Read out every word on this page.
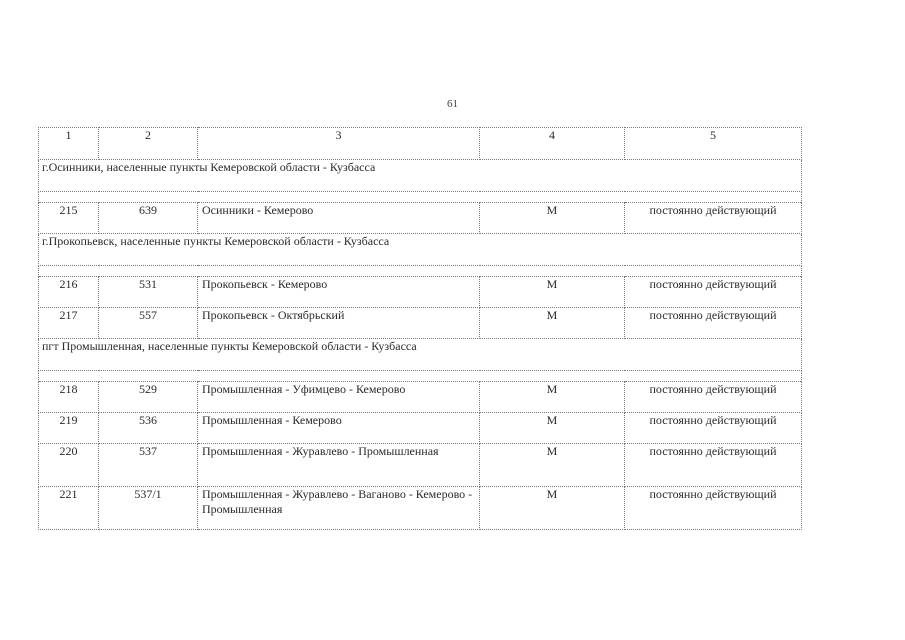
61
1	2	3	4	5
г.Осинники, населенные пункты Кемеровской области - Кузбасса				

215	639	Осинники - Кемерово	М	постоянно действующий
г.Прокопьевск, населенные пункты Кемеровской области - Кузбасса				

216	531	Прокопьевск - Кемерово	М	постоянно действующий
217	557	Прокопьевск - Октябрьский	М	постоянно действующий
пгт Промышленная, населенные пункты Кемеровской области - Кузбасса				

218	529	Промышленная - Уфимцево - Кемерово	М	постоянно действующий
219	536	Промышленная - Кемерово	М	постоянно действующий
220	537	Промышленная - Журавлево - Промышленная	М	постоянно действующий
221	537/1	Промышленная - Журавлево - Ваганово - Кемерово - Промышленная	М	постоянно действующий
